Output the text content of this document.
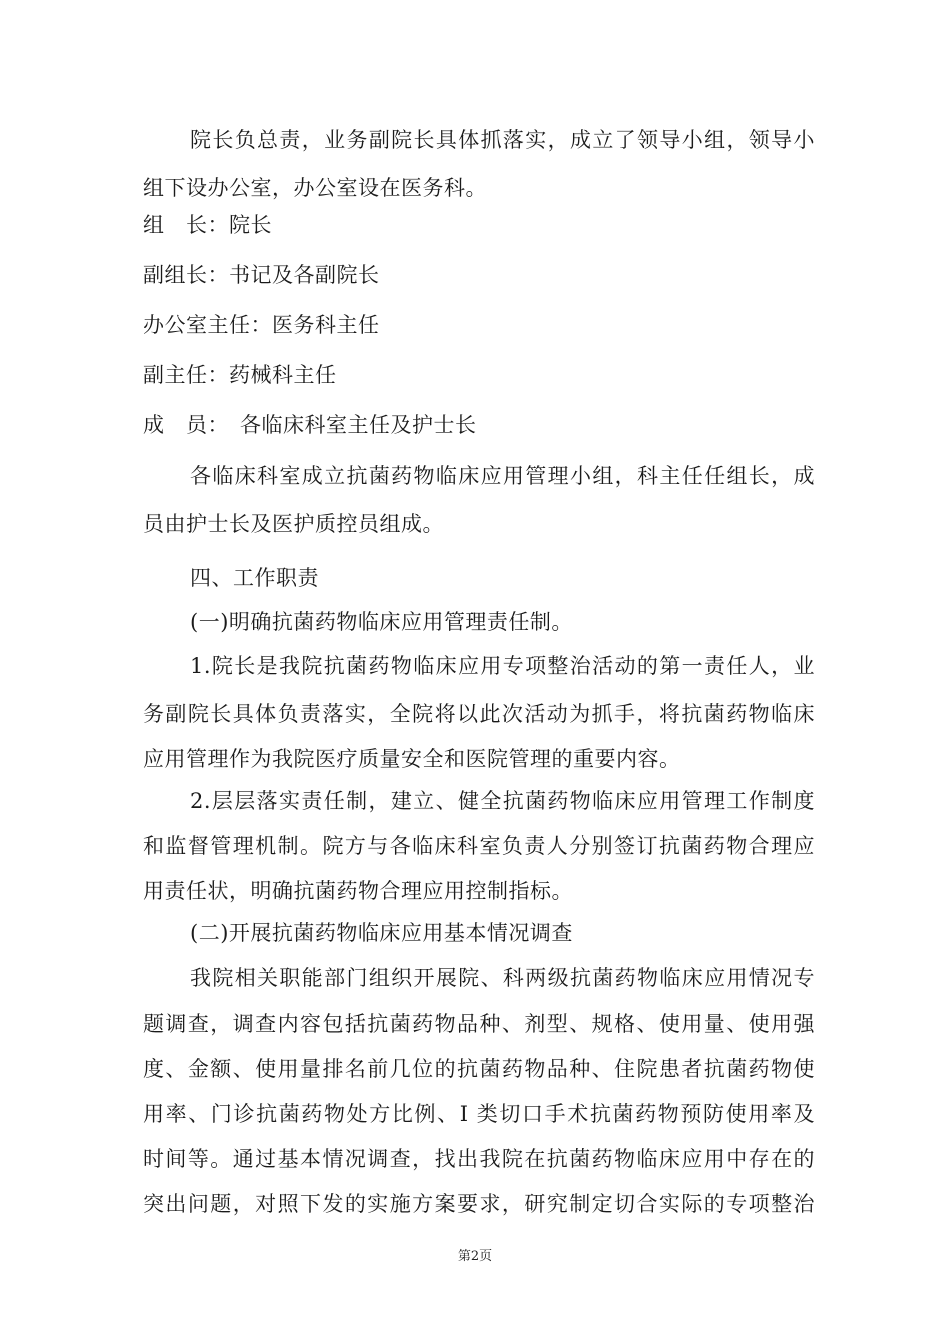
院长负总责，业务副院长具体抓落实，成立了领导小组，领导小
组下设办公室，办公室设在医务科。
组　长：院长
副组长：书记及各副院长
办公室主任：医务科主任
副主任：药械科主任
成　员：　各临床科室主任及护士长
各临床科室成立抗菌药物临床应用管理小组，科主任任组长，成
员由护士长及医护质控员组成。
四、工作职责
(一)明确抗菌药物临床应用管理责任制。
1.院长是我院抗菌药物临床应用专项整治活动的第一责任人，业
务副院长具体负责落实，全院将以此次活动为抓手，将抗菌药物临床
应用管理作为我院医疗质量安全和医院管理的重要内容。
2.层层落实责任制，建立、健全抗菌药物临床应用管理工作制度
和监督管理机制。院方与各临床科室负责人分别签订抗菌药物合理应
用责任状，明确抗菌药物合理应用控制指标。
(二)开展抗菌药物临床应用基本情况调查
我院相关职能部门组织开展院、科两级抗菌药物临床应用情况专
题调查，调查内容包括抗菌药物品种、剂型、规格、使用量、使用强
度、金额、使用量排名前几位的抗菌药物品种、住院患者抗菌药物使
用率、门诊抗菌药物处方比例、I 类切口手术抗菌药物预防使用率及
时间等。通过基本情况调查，找出我院在抗菌药物临床应用中存在的
突出问题，对照下发的实施方案要求，研究制定切合实际的专项整治
第2页
